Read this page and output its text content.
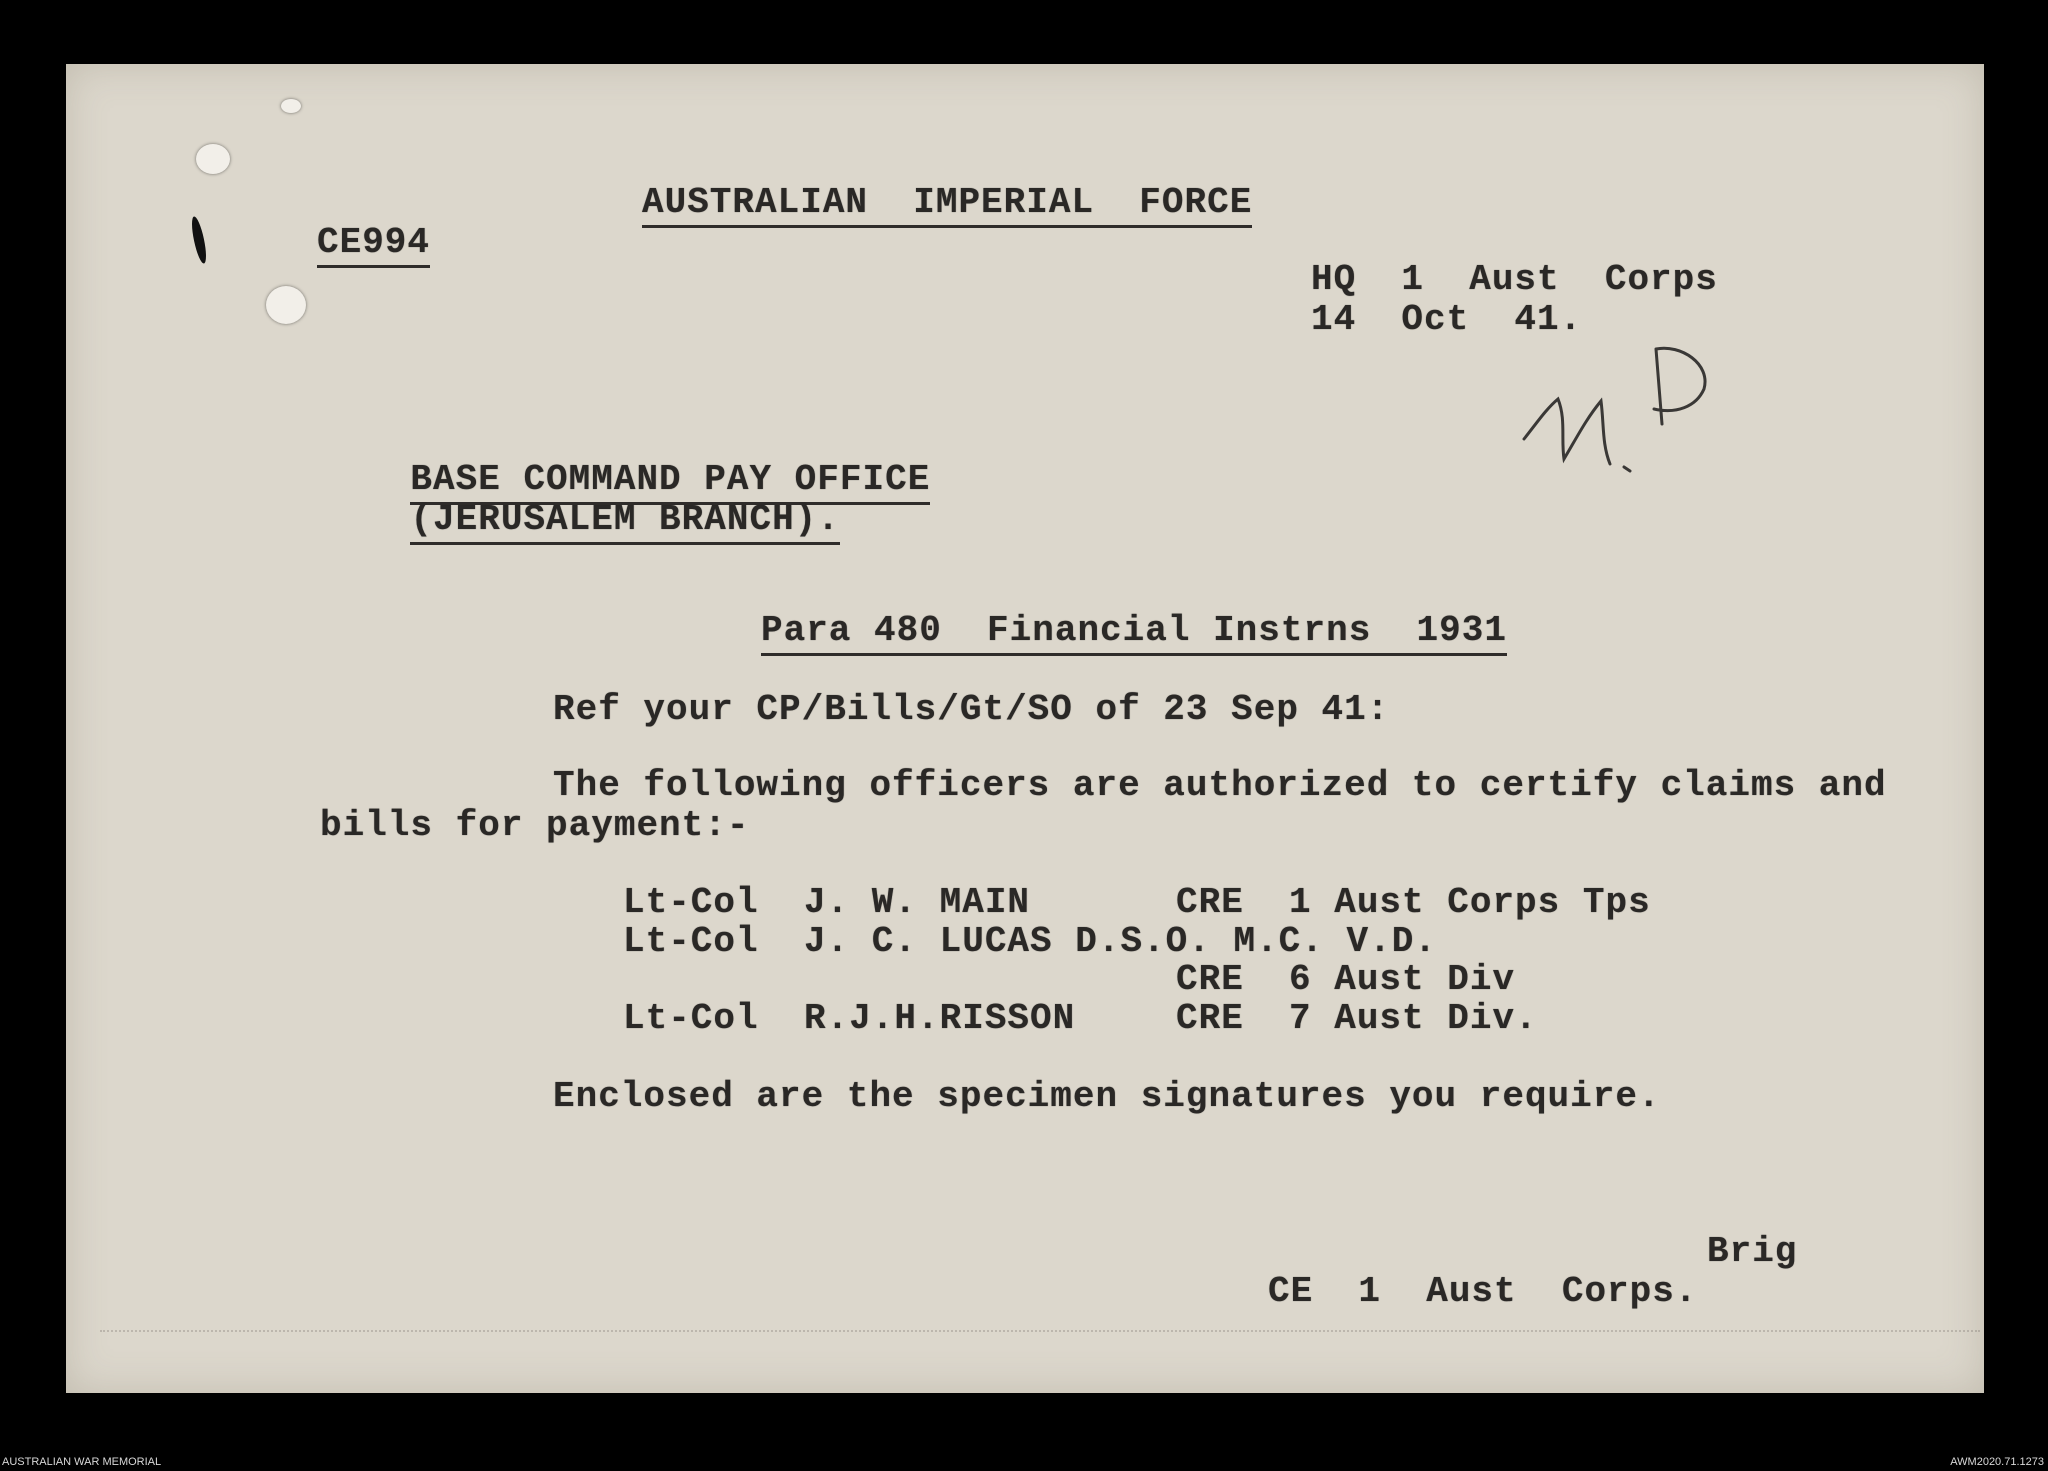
AUSTRALIAN  IMPERIAL  FORCE
CE994
HQ  1  Aust  Corps
14  Oct  41.

BASE COMMAND PAY OFFICE

(JERUSALEM BRANCH).

Para 480  Financial Instrns  1931
Ref your CP/Bills/Gt/SO of 23 Sep 41:
The following officers are authorized to certify claims and
bills for payment:-
Lt-Col J. W. MAIN	CRE  1 Aust Corps Tps
Lt-Col J. C. LUCAS D.S.O. M.C. V.D.
CRE  6 Aust Div
Lt-Col R.J.H.RISSON	CRE  7 Aust Div.
Enclosed are the specimen signatures you require.
Brig
CE  1  Aust  Corps.
AUSTRALIAN WAR MEMORIAL	AWM2020.71.1273
